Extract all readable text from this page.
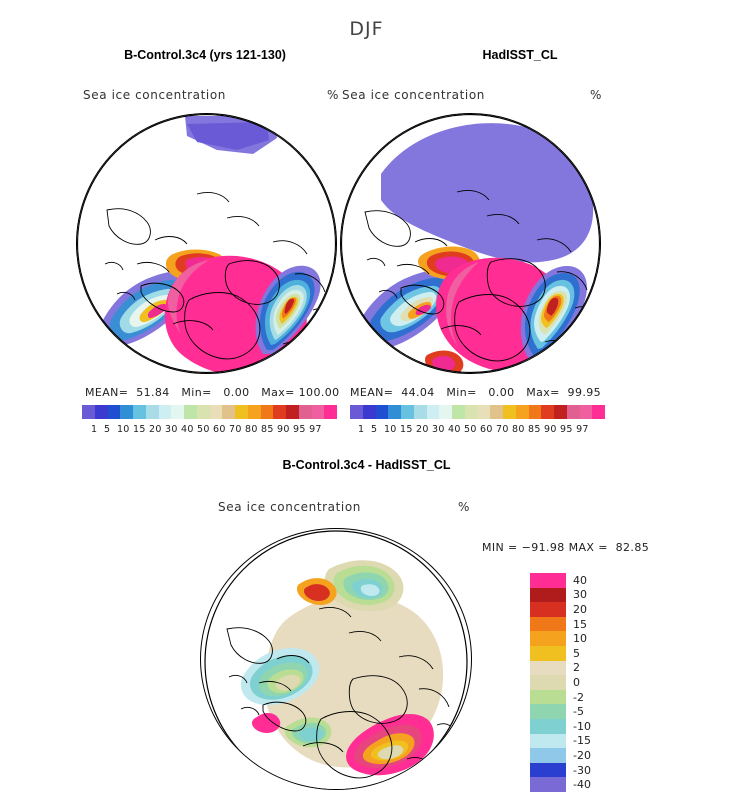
DJF
B-Control.3c4 (yrs 121-130)
Sea ice concentration	%
MEAN=  51.84   Min=   0.00   Max= 100.00
1  5  10 15 20 30 40 50 60 70 80 85 90 95 97
HadISST_CL
Sea ice concentration	%
MEAN=  44.04   Min=   0.00   Max=  99.95
1  5  10 15 20 30 40 50 60 70 80 85 90 95 97
B-Control.3c4 - HadISST_CL
Sea ice concentration	%
MIN = −91.98 MAX =  82.85
40
30
20
15
10
5
2
0
-2
-5
-10
-15
-20
-30
-40
